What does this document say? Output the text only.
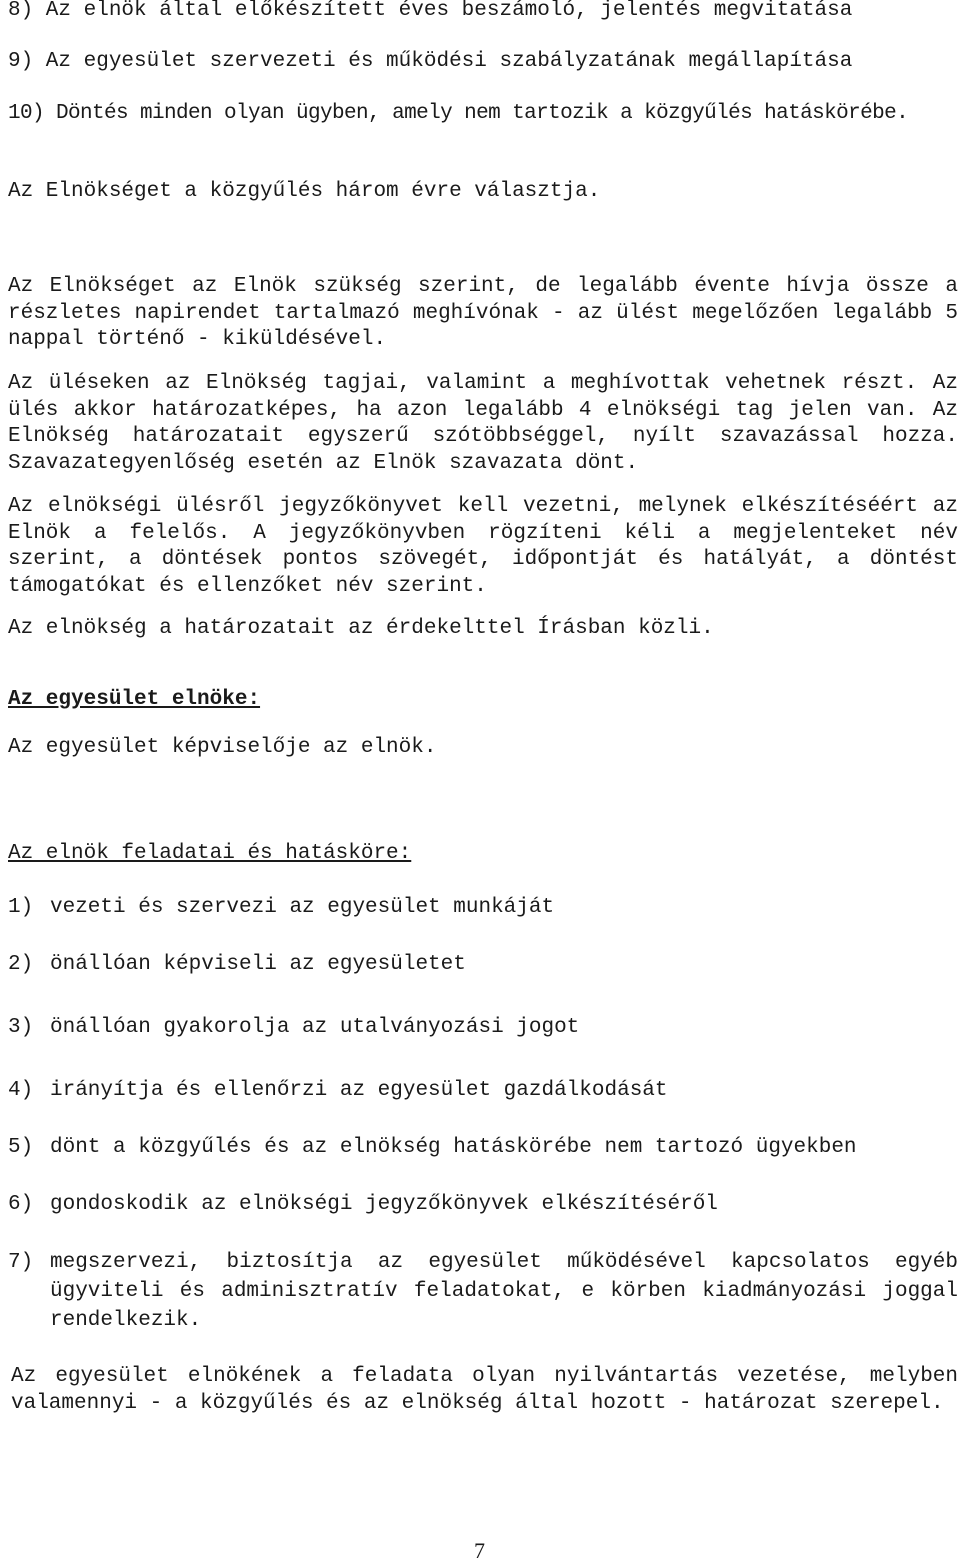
8) Az elnök által előkészített éves beszámoló, jelentés megvitatása
9) Az egyesület szervezeti és működési szabályzatának megállapítása
10) Döntés minden olyan ügyben, amely nem tartozik a közgyűlés hatáskörébe.
Az Elnökséget a közgyűlés három évre választja.
Az Elnökséget az Elnök szükség szerint, de legalább évente hívja össze a részletes napirendet tartalmazó meghívónak - az ülést megelőzően legalább 5 nappal történő - kiküldésével.
Az üléseken az Elnökség tagjai, valamint a meghívottak vehetnek részt. Az ülés akkor határozatképes, ha azon legalább 4 elnökségi tag jelen van. Az Elnökség határozatait egyszerű szótöbbséggel, nyílt szavazással hozza. Szavazategyenlőség esetén az Elnök szavazata dönt.
Az elnökségi ülésről jegyzőkönyvet kell vezetni, melynek elkészítéséért az Elnök a felelős. A jegyzőkönyvben rögzíteni kéli a megjelenteket név szerint, a döntések pontos szövegét, időpontját és hatályát, a döntést támogatókat és ellenzőket név szerint.
Az elnökség a határozatait az érdekelttel Írásban közli.
Az egyesület elnöke:
Az egyesület képviselője az elnök.
Az elnök feladatai és hatásköre:
1) vezeti és szervezi az egyesület munkáját
2) önállóan képviseli az egyesületet
3) önállóan gyakorolja az utalványozási jogot
4) irányítja és ellenőrzi az egyesület gazdálkodását
5) dönt a közgyűlés és az elnökség hatáskörébe nem tartozó ügyekben
6) gondoskodik az elnökségi jegyzőkönyvek elkészítéséről
7) megszervezi, biztosítja az egyesület működésével kapcsolatos egyéb ügyviteli és adminisztratív feladatokat, e körben kiadmányozási joggal rendelkezik.
Az egyesület elnökének a feladata olyan nyilvántartás vezetése, melyben valamennyi - a közgyűlés és az elnökség által hozott - határozat szerepel.
7
